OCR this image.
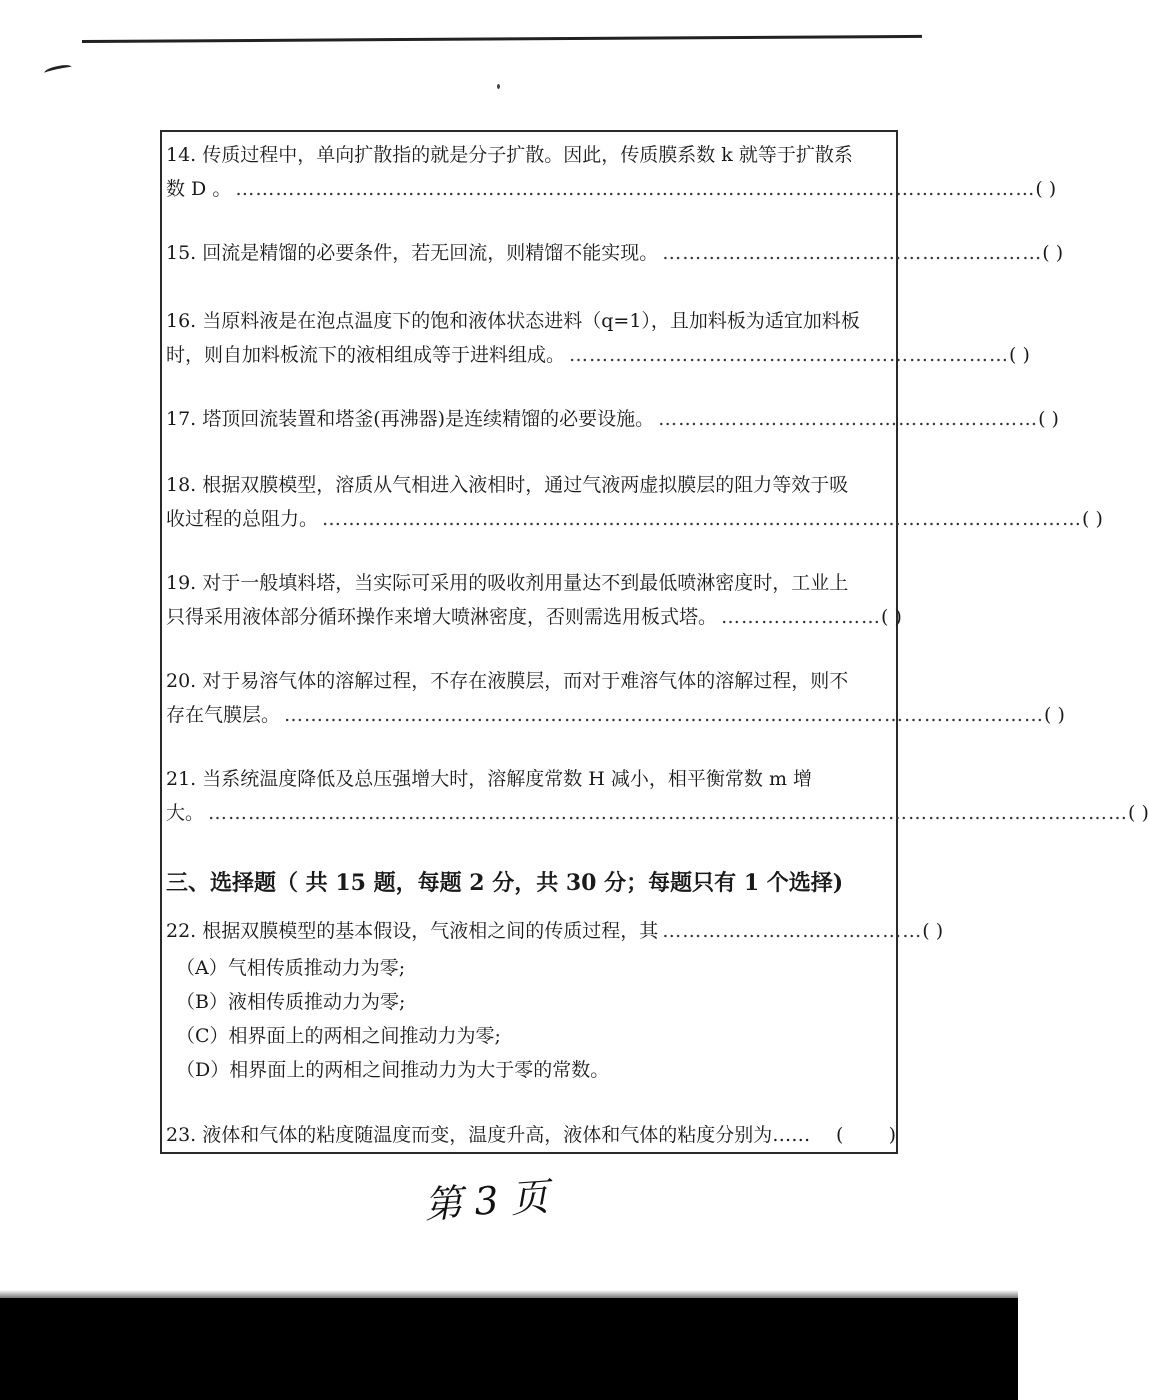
14. 传质过程中，单向扩散指的就是分子扩散。因此，传质膜系数 k 就等于扩散系
数 D 。 ………………………………………………………………………………………………………… ( )
15. 回流是精馏的必要条件，若无回流，则精馏不能实现。 ………………………………………………… ( )
16. 当原料液是在泡点温度下的饱和液体状态进料（q=1），且加料板为适宜加料板
时，则自加料板流下的液相组成等于进料组成。 ………………………………………………………… ( )
17. 塔顶回流装置和塔釜(再沸器)是连续精馏的必要设施。 ………………………………………………… ( )
18. 根据双膜模型，溶质从气相进入液相时，通过气液两虚拟膜层的阻力等效于吸
收过程的总阻力。 …………………………………………………………………………………………………… ( )
19. 对于一般填料塔，当实际可采用的吸收剂用量达不到最低喷淋密度时，工业上
只得采用液体部分循环操作来增大喷淋密度，否则需选用板式塔。 …………………… ( )
20. 对于易溶气体的溶解过程，不存在液膜层，而对于难溶气体的溶解过程，则不
存在气膜层。 …………………………………………………………………………………………………… ( )
21. 当系统温度降低及总压强增大时，溶解度常数 H 减小，相平衡常数 m 增
大。 ………………………………………………………………………………………………………………………… ( )
三、选择题（ 共 15 题，每题 2 分，共 30 分；每题只有 1 个选择)
22. 根据双膜模型的基本假设，气液相之间的传质过程，其 ………………………………… ( )
（A）气相传质推动力为零;
（B）液相传质推动力为零;
（C）相界面上的两相之间推动力为零;
（D）相界面上的两相之间推动力为大于零的常数。
23. 液体和气体的粘度随温度而变，温度升高，液体和气体的粘度分别为…… ( )
第 3 页
